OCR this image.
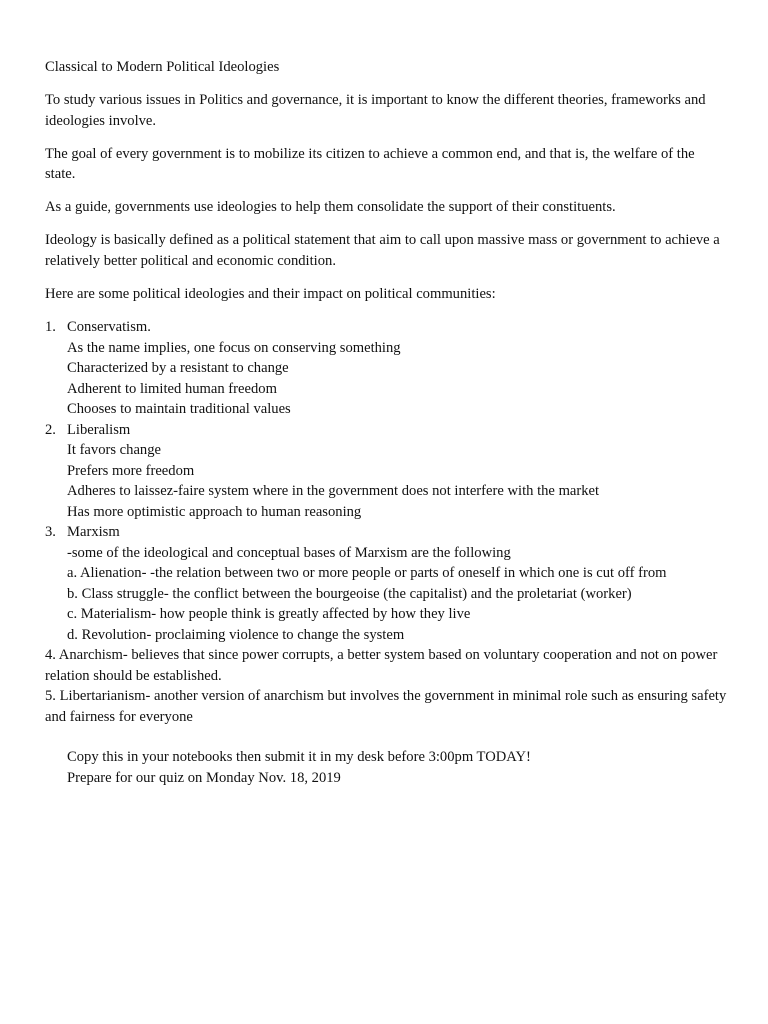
Classical to Modern Political Ideologies

To study various issues in Politics and governance, it is important to know the different theories, frameworks and ideologies involve.

The goal of every government is to mobilize its citizen to achieve a common end, and that is, the welfare of the state.

As a guide, governments use ideologies to help them consolidate the support of their constituents.

Ideology is basically defined as a political statement that aim to call upon massive mass or government to achieve a relatively better political and economic condition.

Here are some political ideologies and their impact on political communities:

1. Conservatism.
As the name implies, one focus on conserving something
Characterized by a resistant to change
Adherent to limited human freedom
Chooses to maintain traditional values
2. Liberalism
It favors change
Prefers more freedom
Adheres to laissez-faire system where in the government does not interfere with the market
Has more optimistic approach to human reasoning
3. Marxism
-some of the ideological and conceptual bases of Marxism are the following
a. Alienation- -the relation between two or more people or parts of oneself in which one is cut off from
b. Class struggle- the conflict between the bourgeoise (the capitalist) and the proletariat (worker)
c. Materialism- how people think is greatly affected by how they live
d. Revolution- proclaiming violence to change the system
4. Anarchism- believes that since power corrupts, a better system based on voluntary cooperation and not on power relation should be established.
5. Libertarianism- another version of anarchism but involves the government in minimal role such as ensuring safety and fairness for everyone
Copy this in your notebooks then submit it in my desk before 3:00pm TODAY!
Prepare for our quiz on Monday Nov. 18, 2019
